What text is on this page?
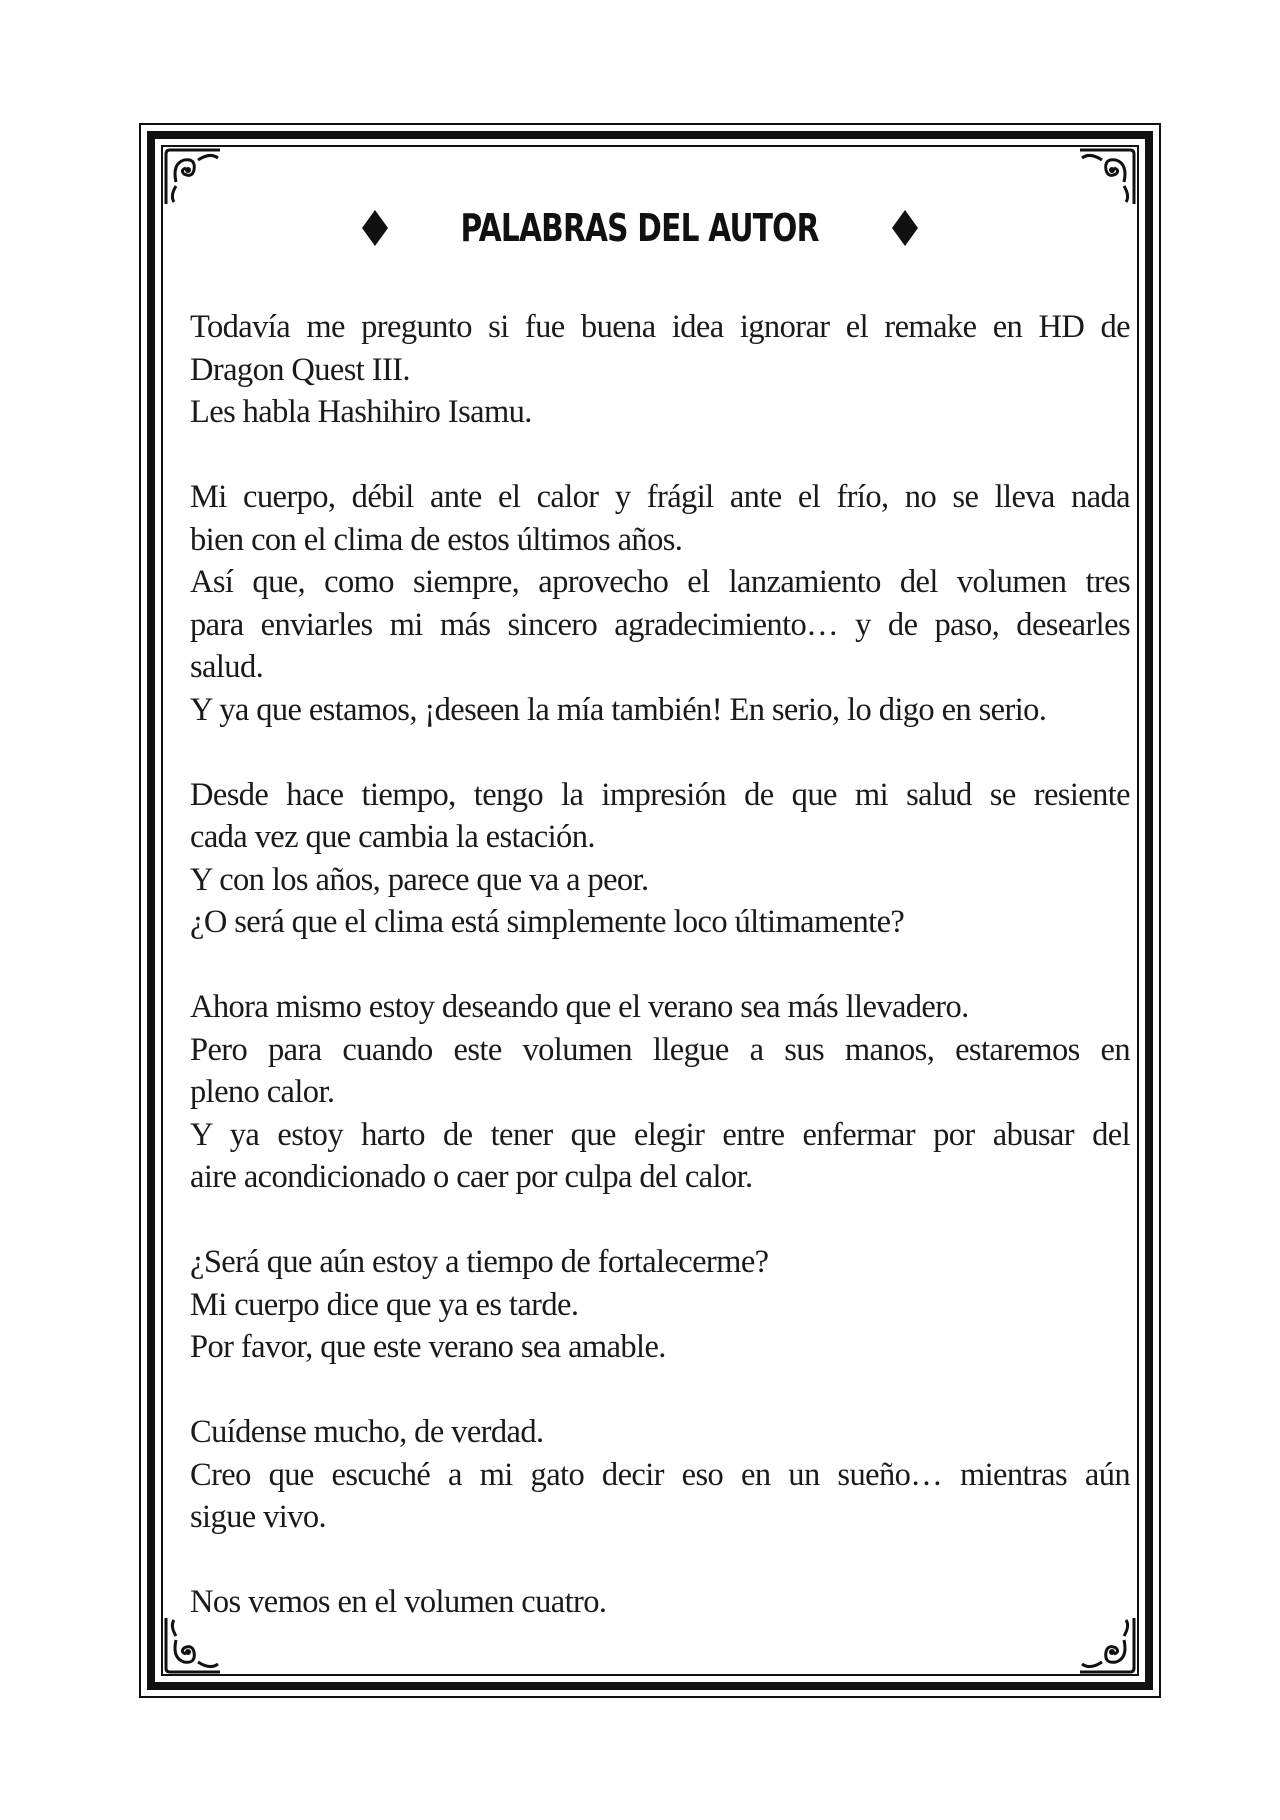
PALABRAS DEL AUTOR
Todavía me pregunto si fue buena idea ignorar el remake en HD de
Dragon Quest III.
Les habla Hashihiro Isamu.
Mi cuerpo, débil ante el calor y frágil ante el frío, no se lleva nada
bien con el clima de estos últimos años.
Así que, como siempre, aprovecho el lanzamiento del volumen tres
para enviarles mi más sincero agradecimiento… y de paso, desearles
salud.
Y ya que estamos, ¡deseen la mía también! En serio, lo digo en serio.
Desde hace tiempo, tengo la impresión de que mi salud se resiente
cada vez que cambia la estación.
Y con los años, parece que va a peor.
¿O será que el clima está simplemente loco últimamente?
Ahora mismo estoy deseando que el verano sea más llevadero.
Pero para cuando este volumen llegue a sus manos, estaremos en
pleno calor.
Y ya estoy harto de tener que elegir entre enfermar por abusar del
aire acondicionado o caer por culpa del calor.
¿Será que aún estoy a tiempo de fortalecerme?
Mi cuerpo dice que ya es tarde.
Por favor, que este verano sea amable.
Cuídense mucho, de verdad.
Creo que escuché a mi gato decir eso en un sueño… mientras aún
sigue vivo.
Nos vemos en el volumen cuatro.
